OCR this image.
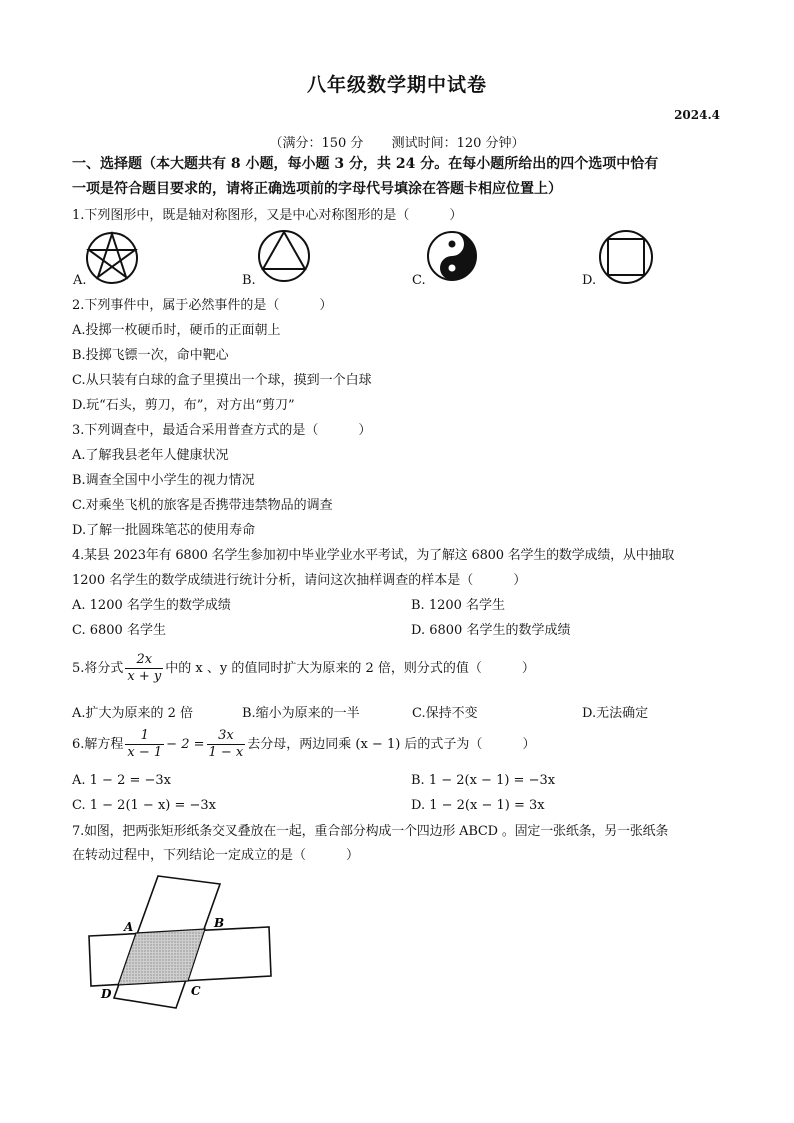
八年级数学期中试卷
2024.4
（满分：150 分 测试时间：120 分钟）
一、选择题（本大题共有 8 小题，每小题 3 分，共 24 分。在每小题所给出的四个选项中恰有
一项是符合题目要求的，请将正确选项前的字母代号填涂在答题卡相应位置上）
1.下列图形中，既是轴对称图形，又是中心对称图形的是（	）
A.	B.	C.	D.
2.下列事件中，属于必然事件的是（	）
A.投掷一枚硬币时，硬币的正面朝上
B.投掷飞镖一次，命中靶心
C.从只装有白球的盒子里摸出一个球，摸到一个白球
D.玩“石头，剪刀，布”，对方出“剪刀”
3.下列调查中，最适合采用普查方式的是（	）
A.了解我县老年人健康状况
B.调查全国中小学生的视力情况
C.对乘坐飞机的旅客是否携带违禁物品的调查
D.了解一批圆珠笔芯的使用寿命
4.某县 2023年有 6800 名学生参加初中毕业学业水平考试，为了解这 6800 名学生的数学成绩，从中抽取
1200 名学生的数学成绩进行统计分析，请问这次抽样调查的样本是（	）
A. 1200 名学生的数学成绩	B. 1200 名学生
C. 6800 名学生	D. 6800 名学生的数学成绩
5.将分式 $\frac{2x}{x + y}$ 中的 x 、y 的值同时扩大为原来的 2 倍，则分式的值（	）
A.扩大为原来的 2 倍	B.缩小为原来的一半	C.保持不变	D.无法确定
6.解方程 $\frac{1}{x - 1} - 2 = \frac{3x}{1 - x}$ 去分母，两边同乘 (x − 1) 后的式子为（	）
A. 1 − 2 = −3x	B. 1 − 2(x − 1) = −3x
C. 1 − 2(1 − x) = −3x	D. 1 − 2(x − 1) = 3x
7.如图，把两张矩形纸条交叉叠放在一起，重合部分构成一个四边形 ABCD 。固定一张纸条，另一张纸条
在转动过程中，下列结论一定成立的是（	）
A	B
C
D
